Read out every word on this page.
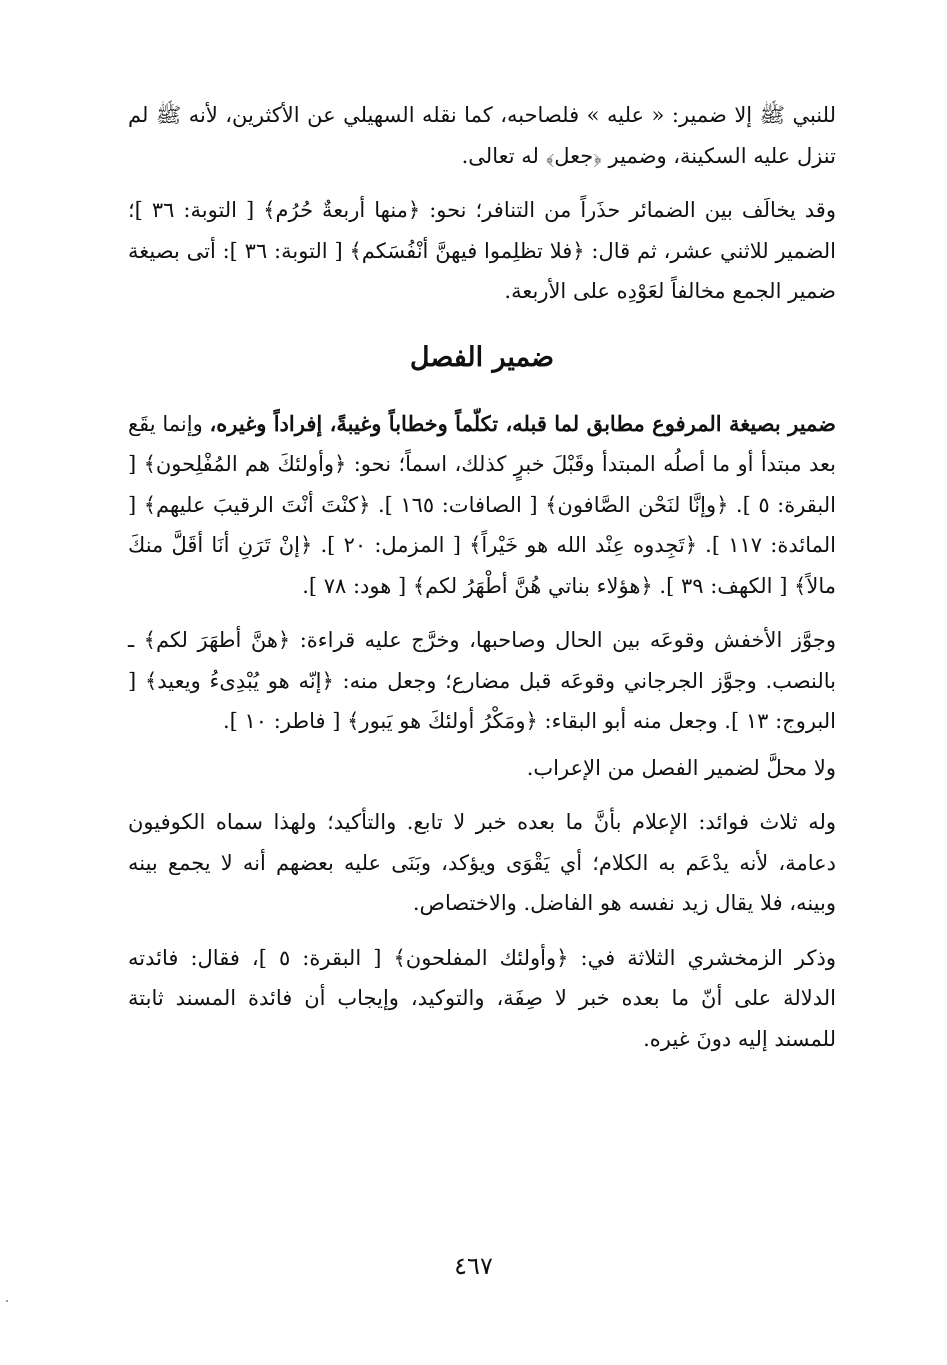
للنبي ﷺ إلا ضمير: « عليه » فلصاحبه، كما نقله السهيلي عن الأكثرين، لأنه ﷺ لم تنزل عليه السكينة، وضمير ﴿جعل﴾ له تعالى.

وقد يخالَف بين الضمائر حذَراً من التنافر؛ نحو: ﴿منها أربعةٌ حُرُم﴾ [ التوبة: ٣٦ ]؛ الضمير للاثني عشر، ثم قال: ﴿فلا تظلِموا فيهنَّ أنْفُسَكم﴾ [ التوبة: ٣٦ ]: أتى بصيغة ضمير الجمع مخالفاً لعَوْدِه على الأربعة.

ضمير الفصل

ضمير بصيغة المرفوع مطابق لما قبله، تكلّماً وخطاباً وغيبةً، إفراداً وغيره، وإنما يقَع بعد مبتدأ أو ما أصلُه المبتدأ وقَبْلَ خبرٍ كذلك، اسماً؛ نحو: ﴿وأولئكَ هم المُفْلِحون﴾ [ البقرة: ٥ ]. ﴿وإنَّا لنَحْن الصَّافون﴾ [ الصافات: ١٦٥ ]. ﴿كنْتَ أنْتَ الرقيبَ عليهم﴾ [ المائدة: ١١٧ ]. ﴿تَجِدوه عِنْد الله هو خَيْراً﴾ [ المزمل: ٢٠ ]. ﴿إنْ تَرَنِ أنَا أقَلَّ منكَ مالاً﴾ [ الكهف: ٣٩ ]. ﴿هؤلاء بناتي هُنَّ أطْهَرُ لكم﴾ [ هود: ٧٨ ].

وجوَّز الأخفش وقوعَه بين الحال وصاحبها، وخرَّج عليه قراءة: ﴿هنَّ أطهَرَ لكم﴾ ـ بالنصب. وجوَّز الجرجاني وقوعَه قبل مضارع؛ وجعل منه: ﴿إنّه هو يُبْدِىءُ ويعيد﴾ [ البروج: ١٣ ]. وجعل منه أبو البقاء: ﴿ومَكْرُ أولئكَ هو يَبور﴾ [ فاطر: ١٠ ].

ولا محلَّ لضمير الفصل من الإعراب.

وله ثلاث فوائد: الإعلام بأنَّ ما بعده خبر لا تابع. والتأكيد؛ ولهذا سماه الكوفيون دعامة، لأنه يدْعَم به الكلام؛ أي يَقْوَى ويؤكد، وبَنَى عليه بعضهم أنه لا يجمع بينه وبينه، فلا يقال زيد نفسه هو الفاضل. والاختصاص.

وذكر الزمخشري الثلاثة في: ﴿وأولئك المفلحون﴾ [ البقرة: ٥ ]، فقال: فائدته الدلالة على أنّ ما بعده خبر لا صِفَة، والتوكيد، وإيجاب أن فائدة المسند ثابتة للمسند إليه دونَ غيره.

٤٦٧
